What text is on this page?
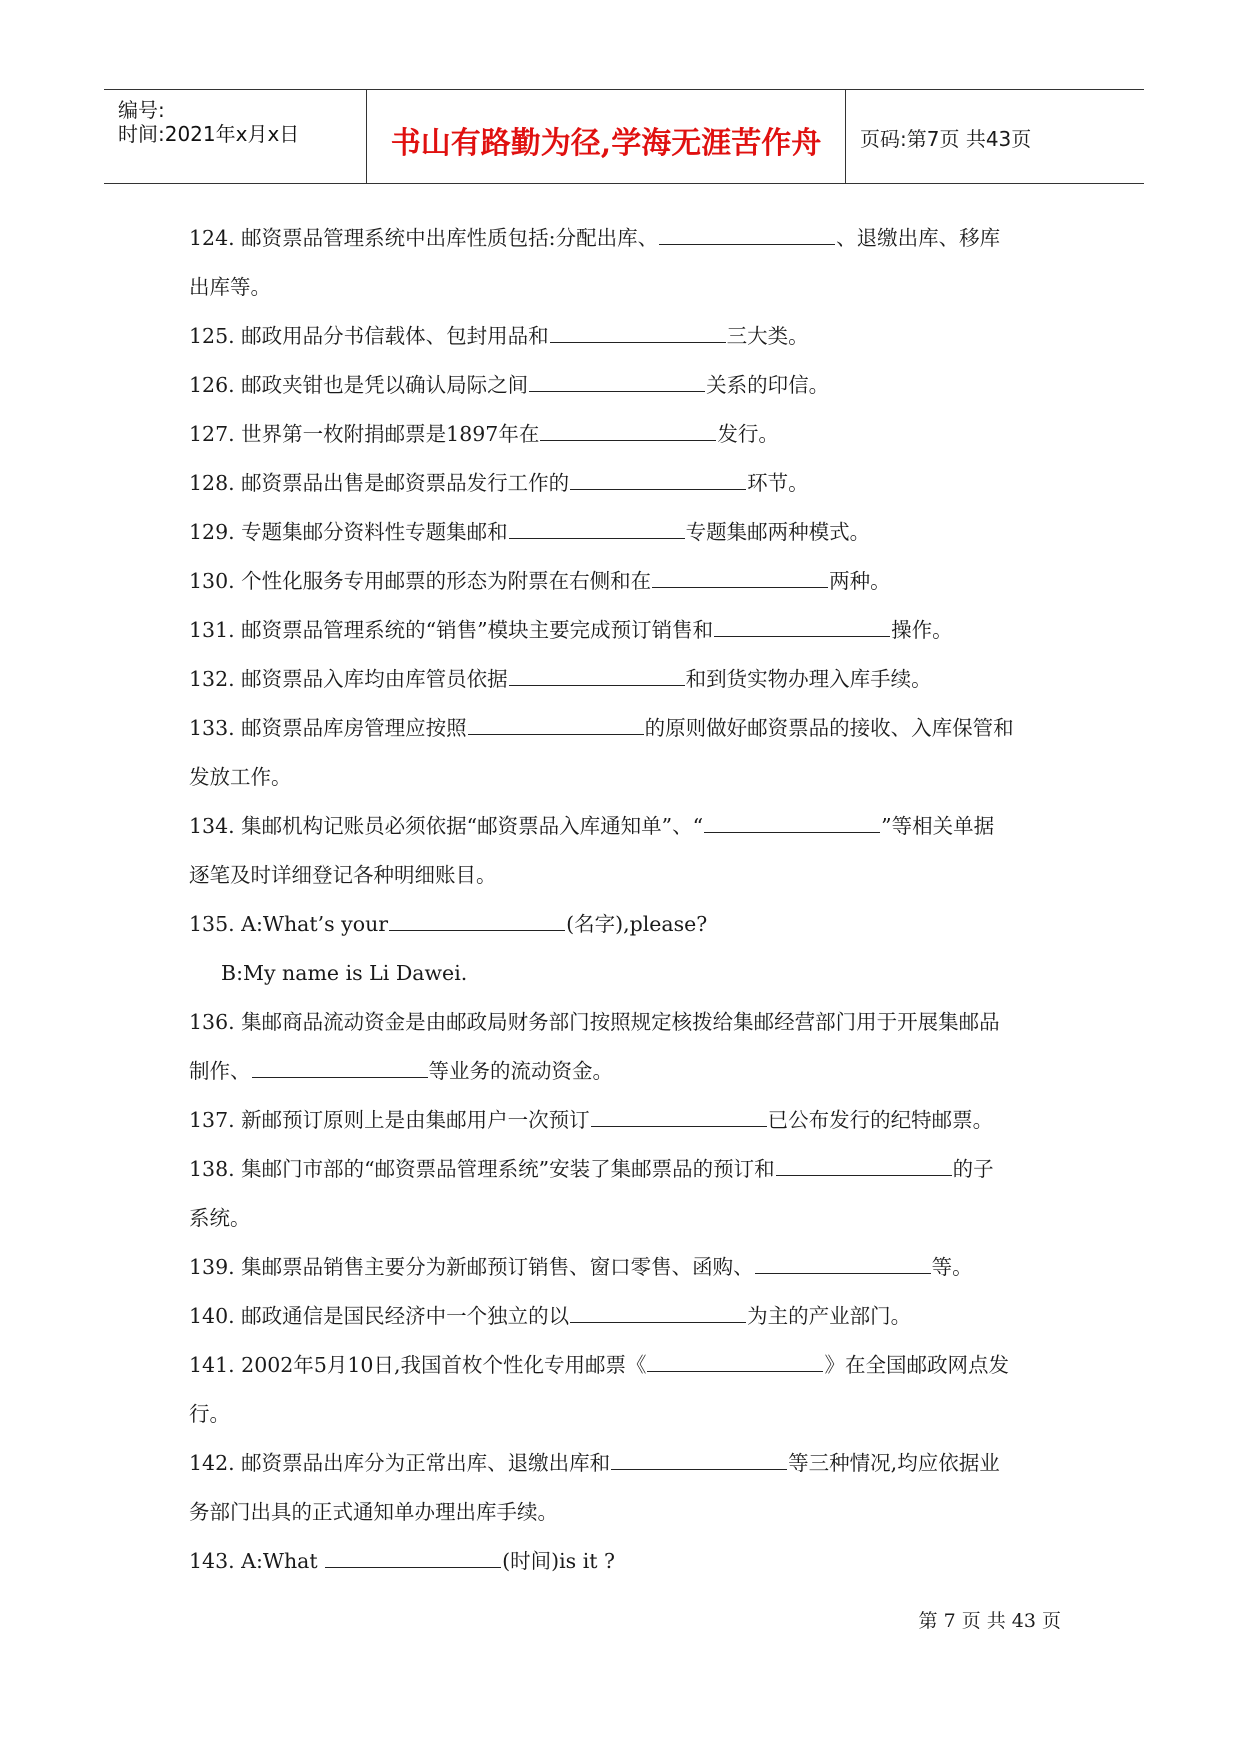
编号:
时间:2021年x月x日	书山有路勤为径,学海无涯苦作舟	页码:第7页 共43页

124. 邮资票品管理系统中出库性质包括:分配出库、	、退缴出库、移库

出库等。

125. 邮政用品分书信载体、包封用品和	三大类。

126. 邮政夹钳也是凭以确认局际之间	关系的印信。

127. 世界第一枚附捐邮票是1897年在	发行。

128. 邮资票品出售是邮资票品发行工作的	环节。

129. 专题集邮分资料性专题集邮和	专题集邮两种模式。

130. 个性化服务专用邮票的形态为附票在右侧和在	两种。

131. 邮资票品管理系统的“销售”模块主要完成预订销售和	操作。

132. 邮资票品入库均由库管员依据	和到货实物办理入库手续。

133. 邮资票品库房管理应按照	的原则做好邮资票品的接收、入库保管和

发放工作。

134. 集邮机构记账员必须依据“邮资票品入库通知单”、“	”等相关单据

逐笔及时详细登记各种明细账目。

135. A:What’s your	(名字),please?

B:My name is Li Dawei.

136. 集邮商品流动资金是由邮政局财务部门按照规定核拨给集邮经营部门用于开展集邮品

制作、	等业务的流动资金。

137. 新邮预订原则上是由集邮用户一次预订	已公布发行的纪特邮票。

138. 集邮门市部的“邮资票品管理系统”安装了集邮票品的预订和	的子

系统。

139. 集邮票品销售主要分为新邮预订销售、窗口零售、函购、	等。

140. 邮政通信是国民经济中一个独立的以	为主的产业部门。

141. 2002年5月10日,我国首枚个性化专用邮票《	》在全国邮政网点发

行。

142. 邮资票品出库分为正常出库、退缴出库和	等三种情况,均应依据业

务部门出具的正式通知单办理出库手续。

143. A:What	(时间)is it ?

第 7 页 共 43 页
